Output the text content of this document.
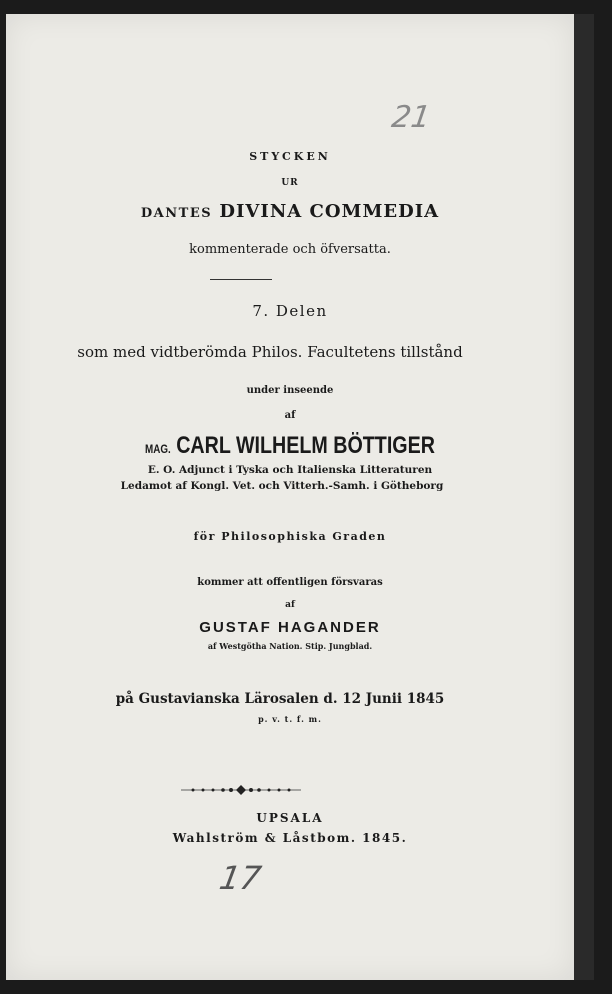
21
STYCKEN
UR
DANTES DIVINA COMMEDIA
kommenterade och öfversatta.
7. Delen
som med vidtberömda Philos. Facultetens tillstånd
under inseende
af
MAG. CARL WILHELM BÖTTIGER
E. O. Adjunct i Tyska och Italienska Litteraturen
Ledamot af Kongl. Vet. och Vitterh.-Samh. i Götheborg
för Philosophiska Graden
kommer att offentligen försvaras
af
GUSTAF HAGANDER
af Westgötha Nation. Stip. Jungblad.
på Gustavianska Lärosalen d. 12 Junii 1845
p. v. t. f. m.
UPSALA
Wahlström & Låstbom. 1845.
17
